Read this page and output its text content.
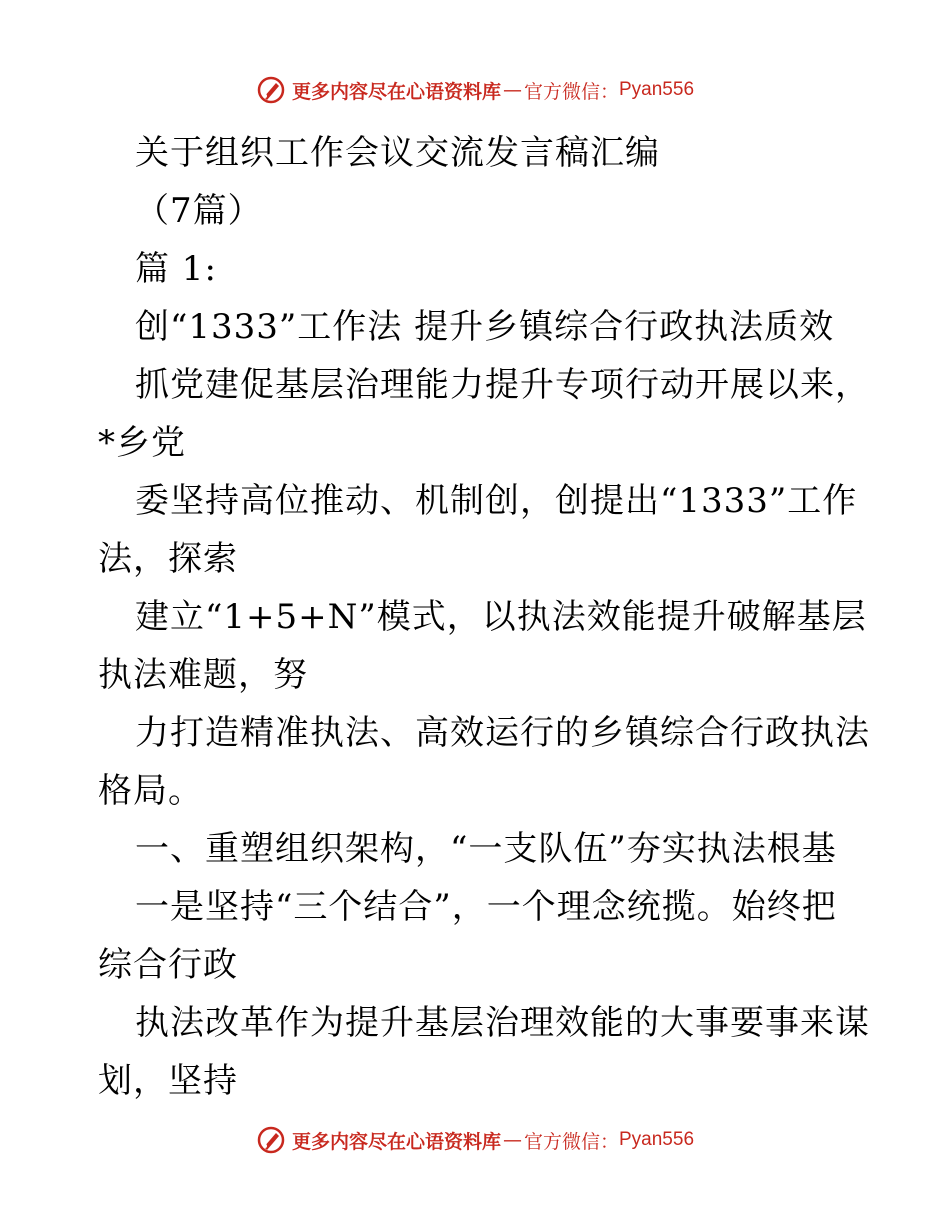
更多内容尽在心语资料库 — 官方微信： Pyan556
关于组织工作会议交流发言稿汇编
（7篇）
篇 1:
创“1333”工作法 提升乡镇综合行政执法质效
抓党建促基层治理能力提升专项行动开展以来，
*乡党
委坚持高位推动、机制创，创提出“1333”工作
法，探索
建立“1+5+N”模式，以执法效能提升破解基层
执法难题，努
力打造精准执法、高效运行的乡镇综合行政执法
格局。
一、重塑组织架构，“一支队伍”夯实执法根基
一是坚持“三个结合”，一个理念统揽。始终把
综合行政
执法改革作为提升基层治理效能的大事要事来谋
划，坚持
更多内容尽在心语资料库 — 官方微信： Pyan556
